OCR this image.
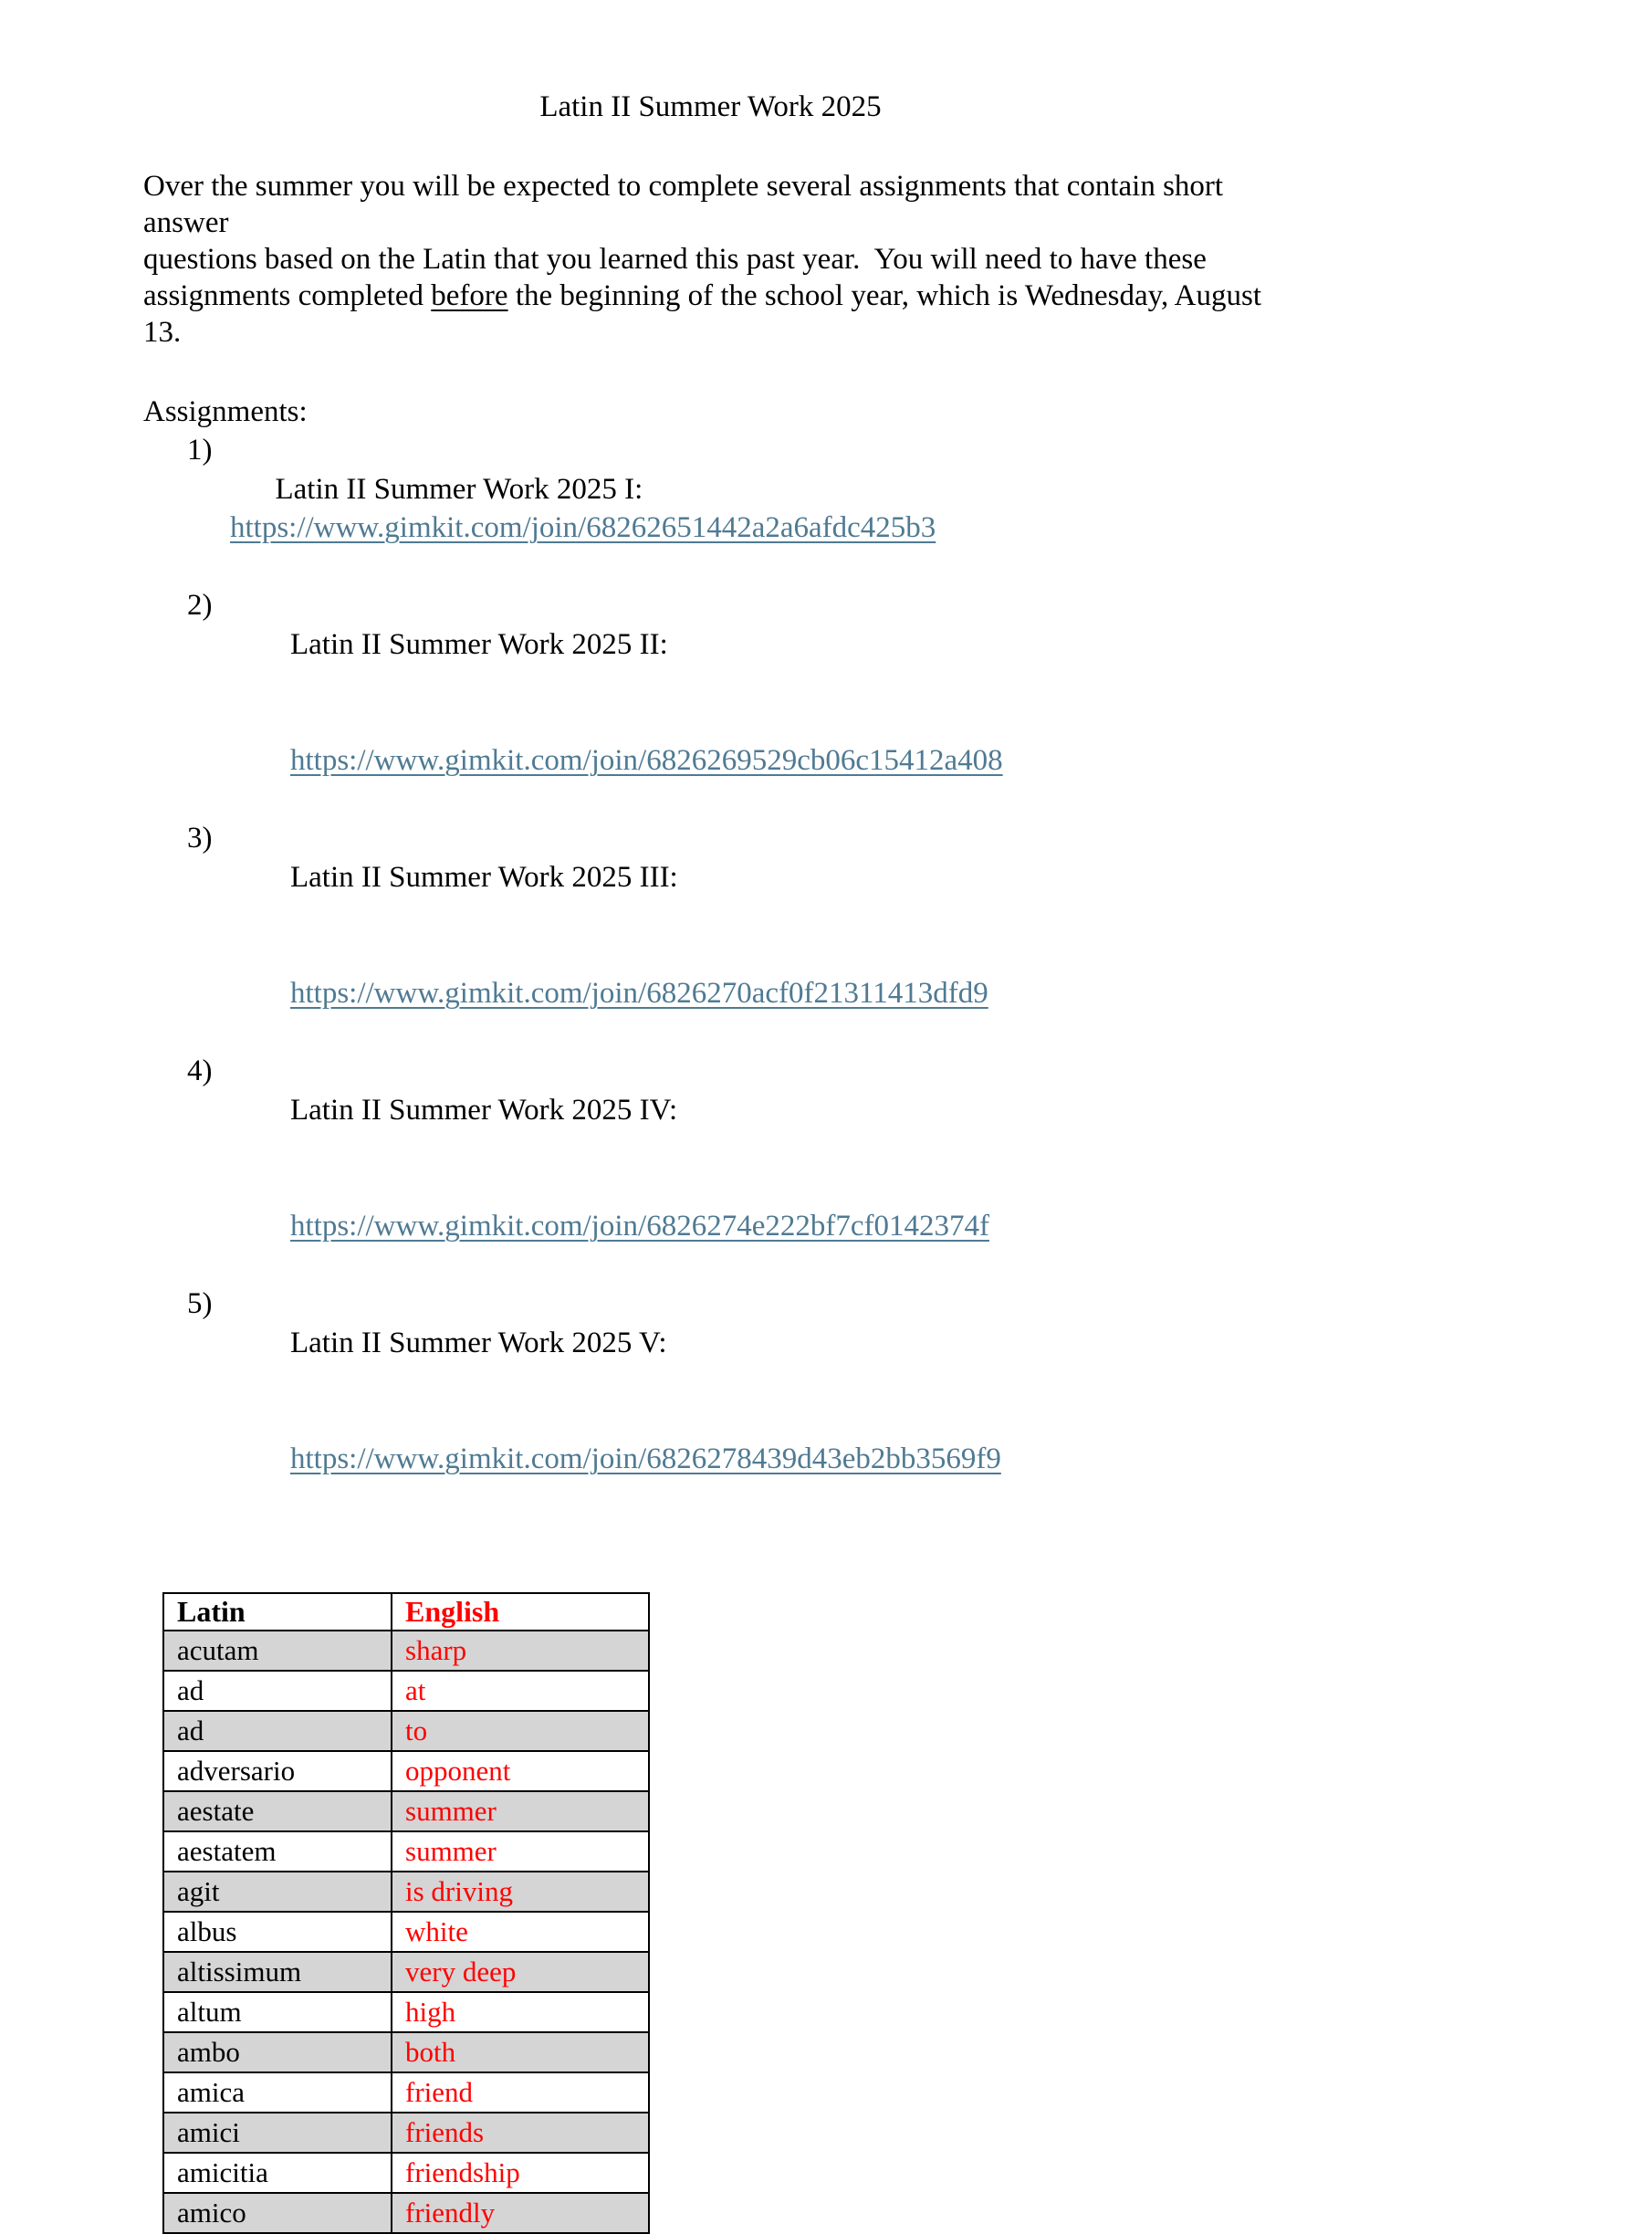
Latin II Summer Work 2025
Over the summer you will be expected to complete several assignments that contain short answer
questions based on the Latin that you learned this past year.  You will need to have these
assignments completed before the beginning of the school year, which is Wednesday, August 13.
Assignments:

1)
Latin II Summer Work 2025 I: https://www.gimkit.com/join/68262651442a2a6afdc425b3

2)
Latin II Summer Work 2025 II:

https://www.gimkit.com/join/6826269529cb06c15412a408

3)
Latin II Summer Work 2025 III:

https://www.gimkit.com/join/6826270acf0f21311413dfd9

4)
Latin II Summer Work 2025 IV:

https://www.gimkit.com/join/6826274e222bf7cf0142374f

5)
Latin II Summer Work 2025 V:

https://www.gimkit.com/join/6826278439d43eb2bb3569f9

Latin	English
acutam	sharp
ad	at
ad	to
adversario	opponent
aestate	summer
aestatem	summer
agit	is driving
albus	white
altissimum	very deep
altum	high
ambo	both
amica	friend
amici	friends
amicitia	friendship
amico	friendly
